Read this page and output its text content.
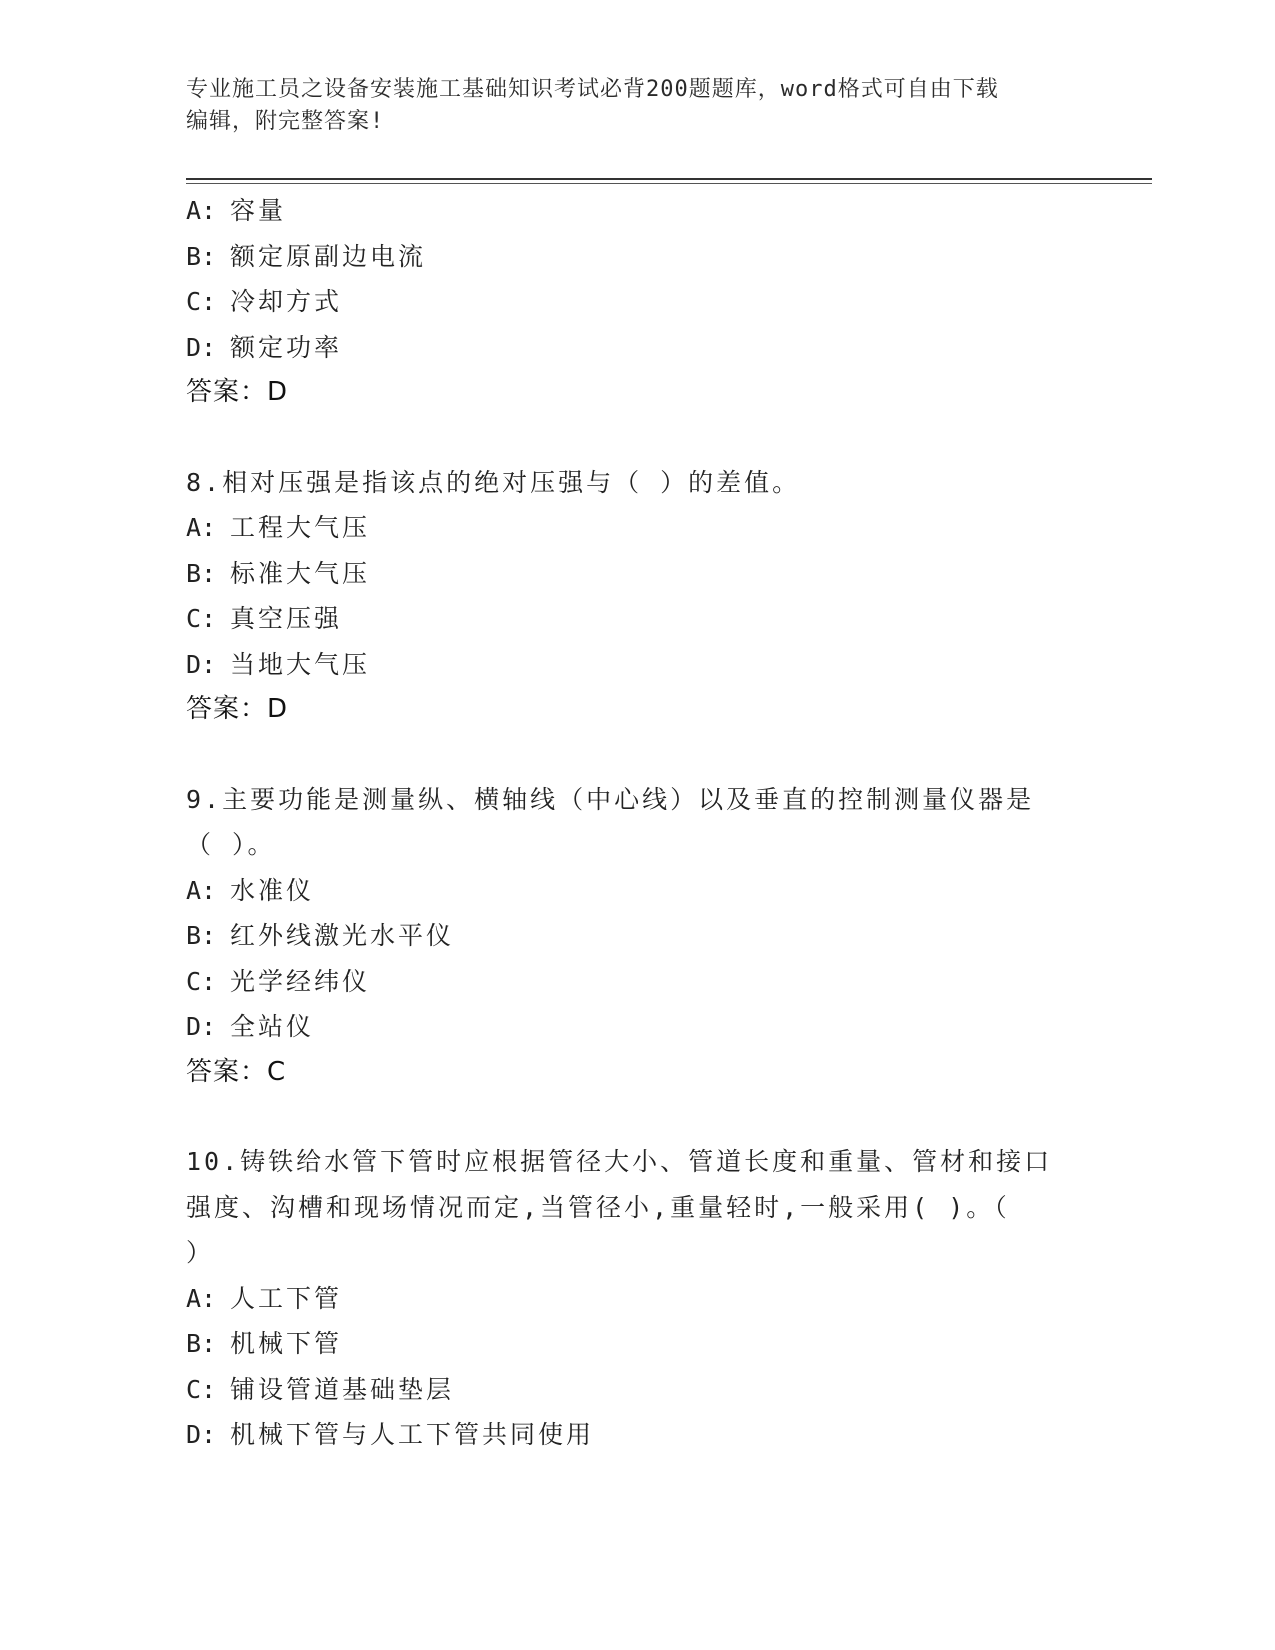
专业施工员之设备安装施工基础知识考试必背200题题库，word格式可自由下载
编辑，附完整答案!
A: 容量
B: 额定原副边电流
C: 冷却方式
D: 额定功率
答案：D
8.相对压强是指该点的绝对压强与（ ）的差值。
A: 工程大气压
B: 标准大气压
C: 真空压强
D: 当地大气压
答案：D
9.主要功能是测量纵、横轴线（中心线）以及垂直的控制测量仪器是
（ ）。
A: 水准仪
B: 红外线激光水平仪
C: 光学经纬仪
D: 全站仪
答案：C
10.铸铁给水管下管时应根据管径大小、管道长度和重量、管材和接口
强度、沟槽和现场情况而定,当管径小,重量轻时,一般采用( )。（
）
A: 人工下管
B: 机械下管
C: 铺设管道基础垫层
D: 机械下管与人工下管共同使用
